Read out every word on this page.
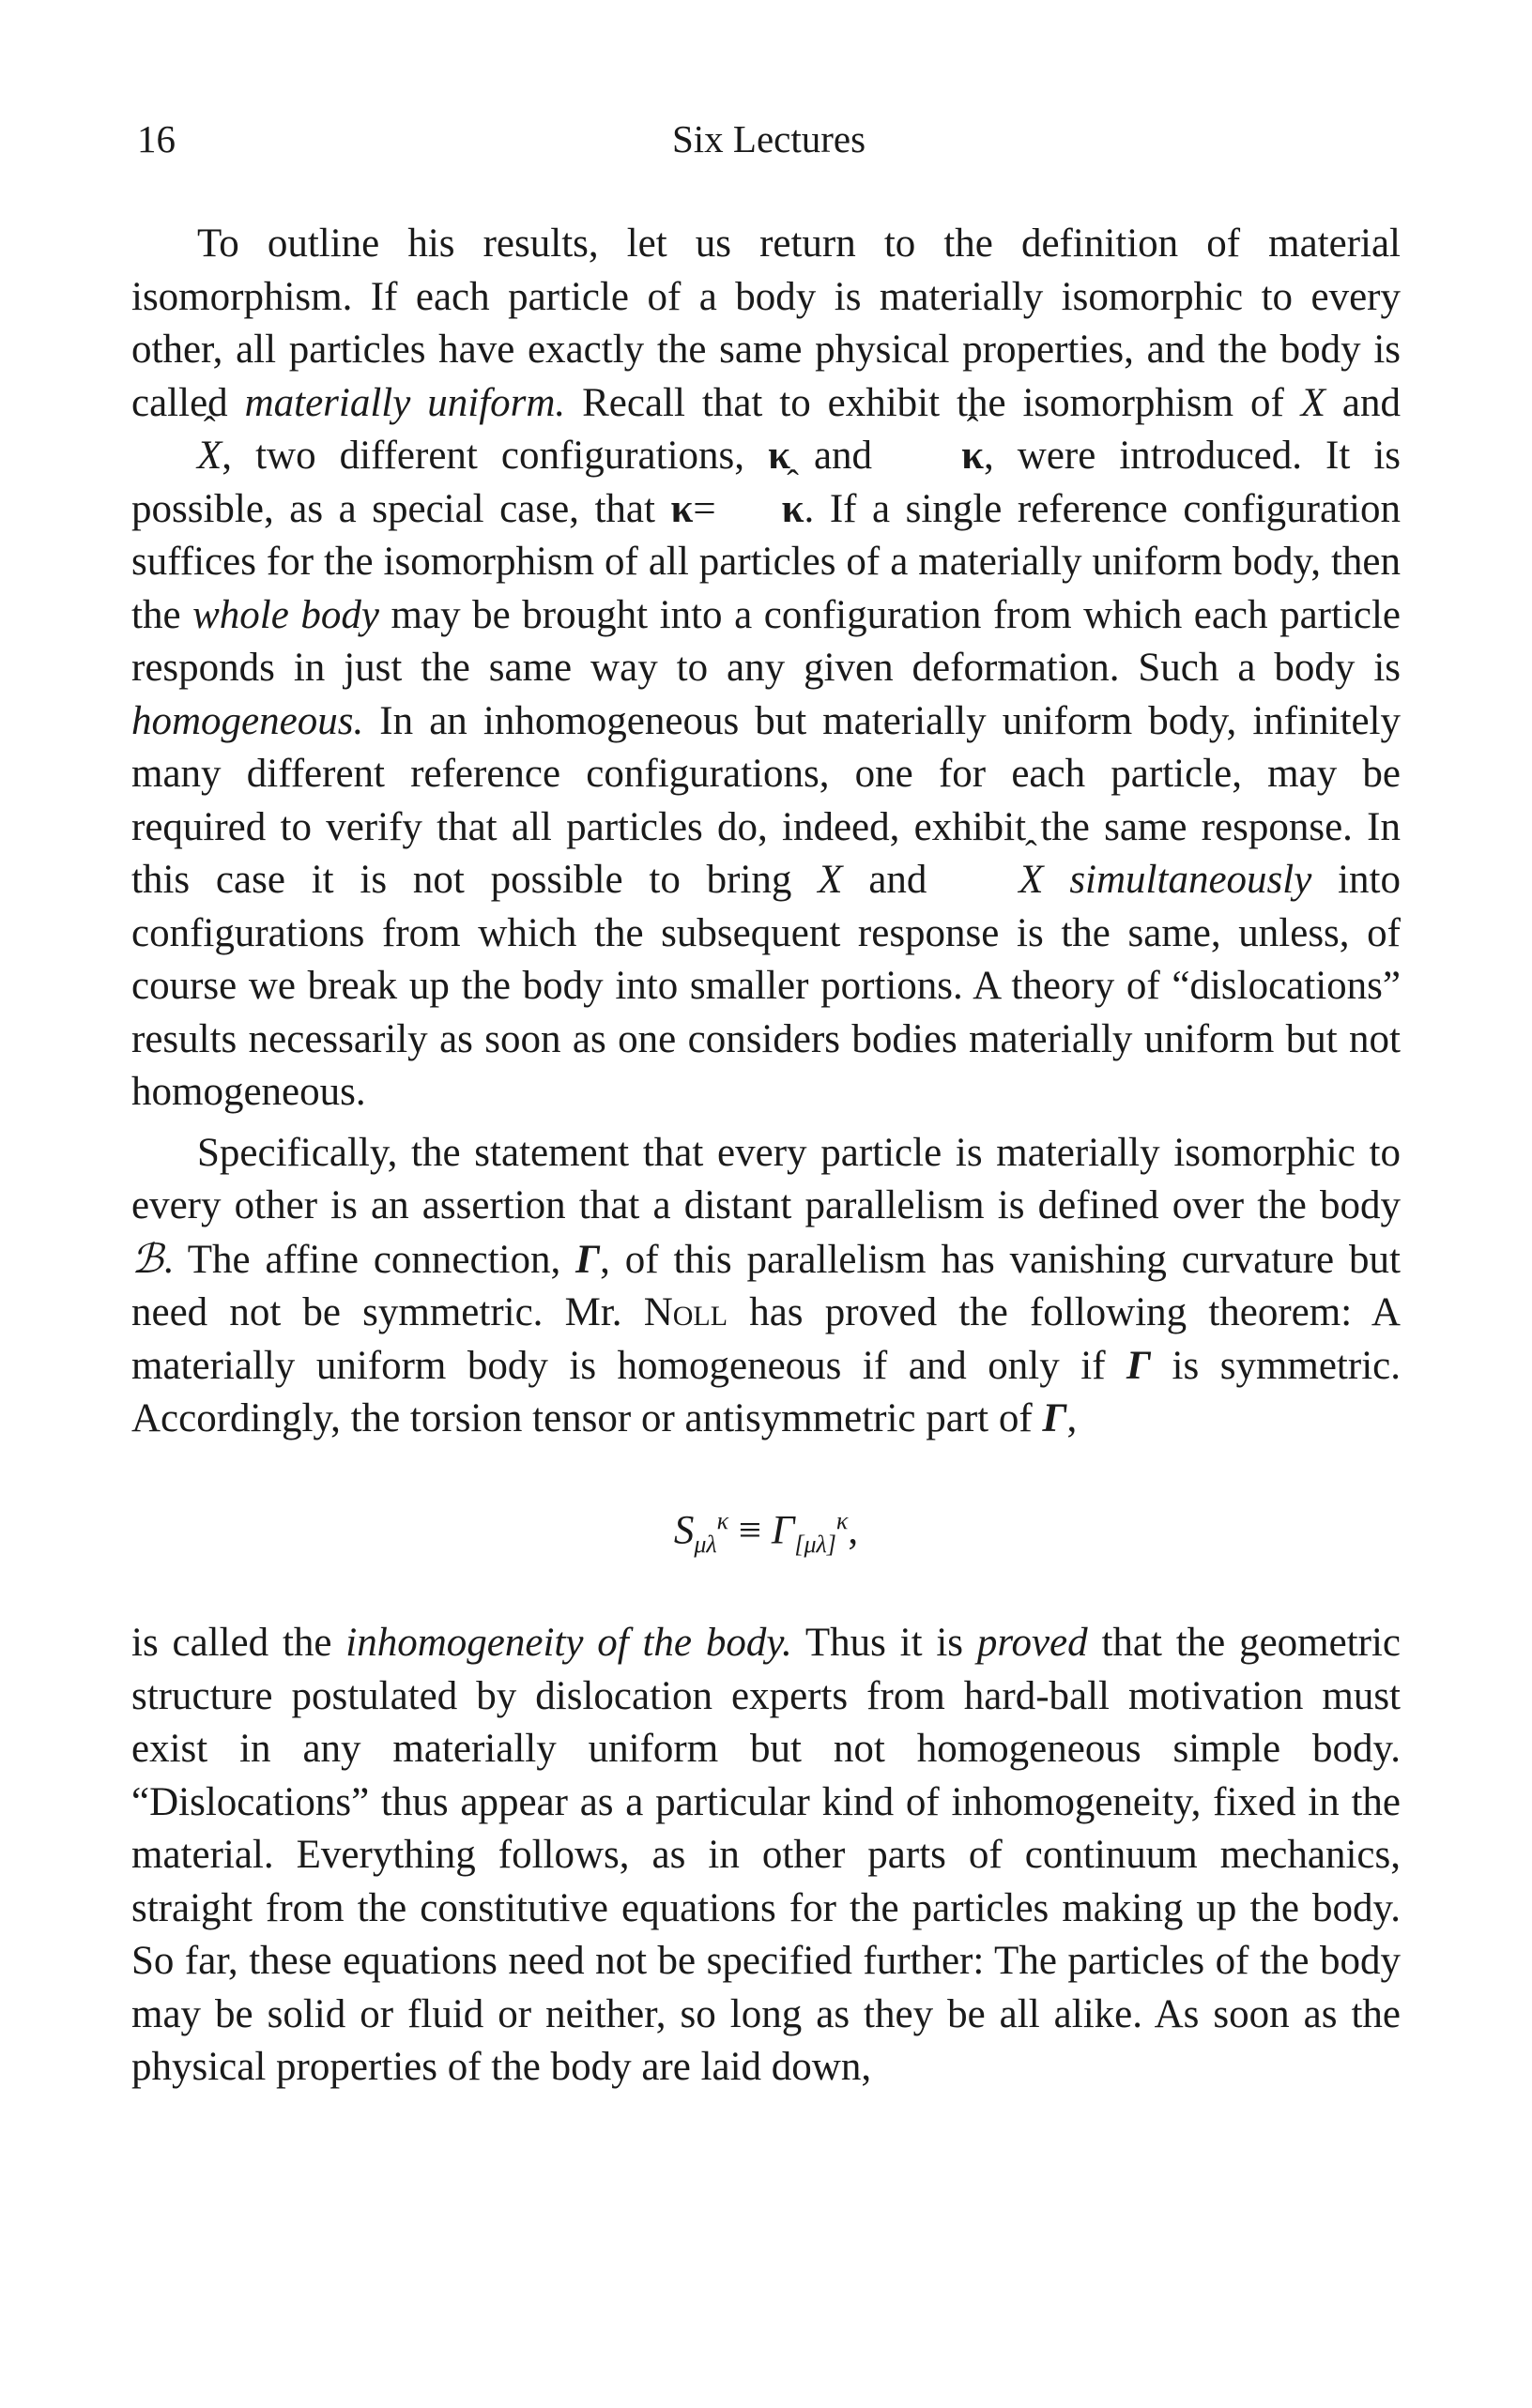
16	Six Lectures

To outline his results, let us return to the definition of material isomorphism. If each particle of a body is materially isomorphic to every other, all particles have exactly the same physical properties, and the body is called materially uniform. Recall that to exhibit the isomorphism of X and ˆ X, two different configurations, κ and ˆ κ, were introduced. It is possible, as a special case, that κ=ˆ κ. If a single reference configuration suffices for the isomorphism of all particles of a materially uniform body, then the whole body may be brought into a configuration from which each particle responds in just the same way to any given deformation. Such a body is homogeneous. In an inhomogeneous but materially uniform body, infinitely many different reference configurations, one for each particle, may be required to verify that all particles do, indeed, exhibit the same response. In this case it is not possible to bring X and ˆ X simultaneously into configurations from which the subsequent response is the same, unless, of course we break up the body into smaller portions. A theory of “dislocations” results necessarily as soon as one considers bodies materially uniform but not homogeneous.

Specifically, the statement that every particle is materially isomorphic to every other is an assertion that a distant parallelism is defined over the body ℬ. The affine connection, Γ, of this parallelism has vanishing curvature but need not be symmetric. Mr. Noll has proved the following theorem: A materially uniform body is homogeneous if and only if Γ is symmetric. Accordingly, the torsion tensor or antisymmetric part of Γ,

$S_{\mu\lambda}^\kappa \equiv \Gamma_{[\mu\lambda]}^\kappa$,

is called the inhomogeneity of the body. Thus it is proved that the geometric structure postulated by dislocation experts from hard-ball motivation must exist in any materially uniform but not homogeneous simple body. “Dislocations” thus appear as a particular kind of inhomogeneity, fixed in the material. Everything follows, as in other parts of continuum mechanics, straight from the constitutive equations for the particles making up the body. So far, these equations need not be specified further: The particles of the body may be solid or fluid or neither, so long as they be all alike. As soon as the physical properties of the body are laid down,
